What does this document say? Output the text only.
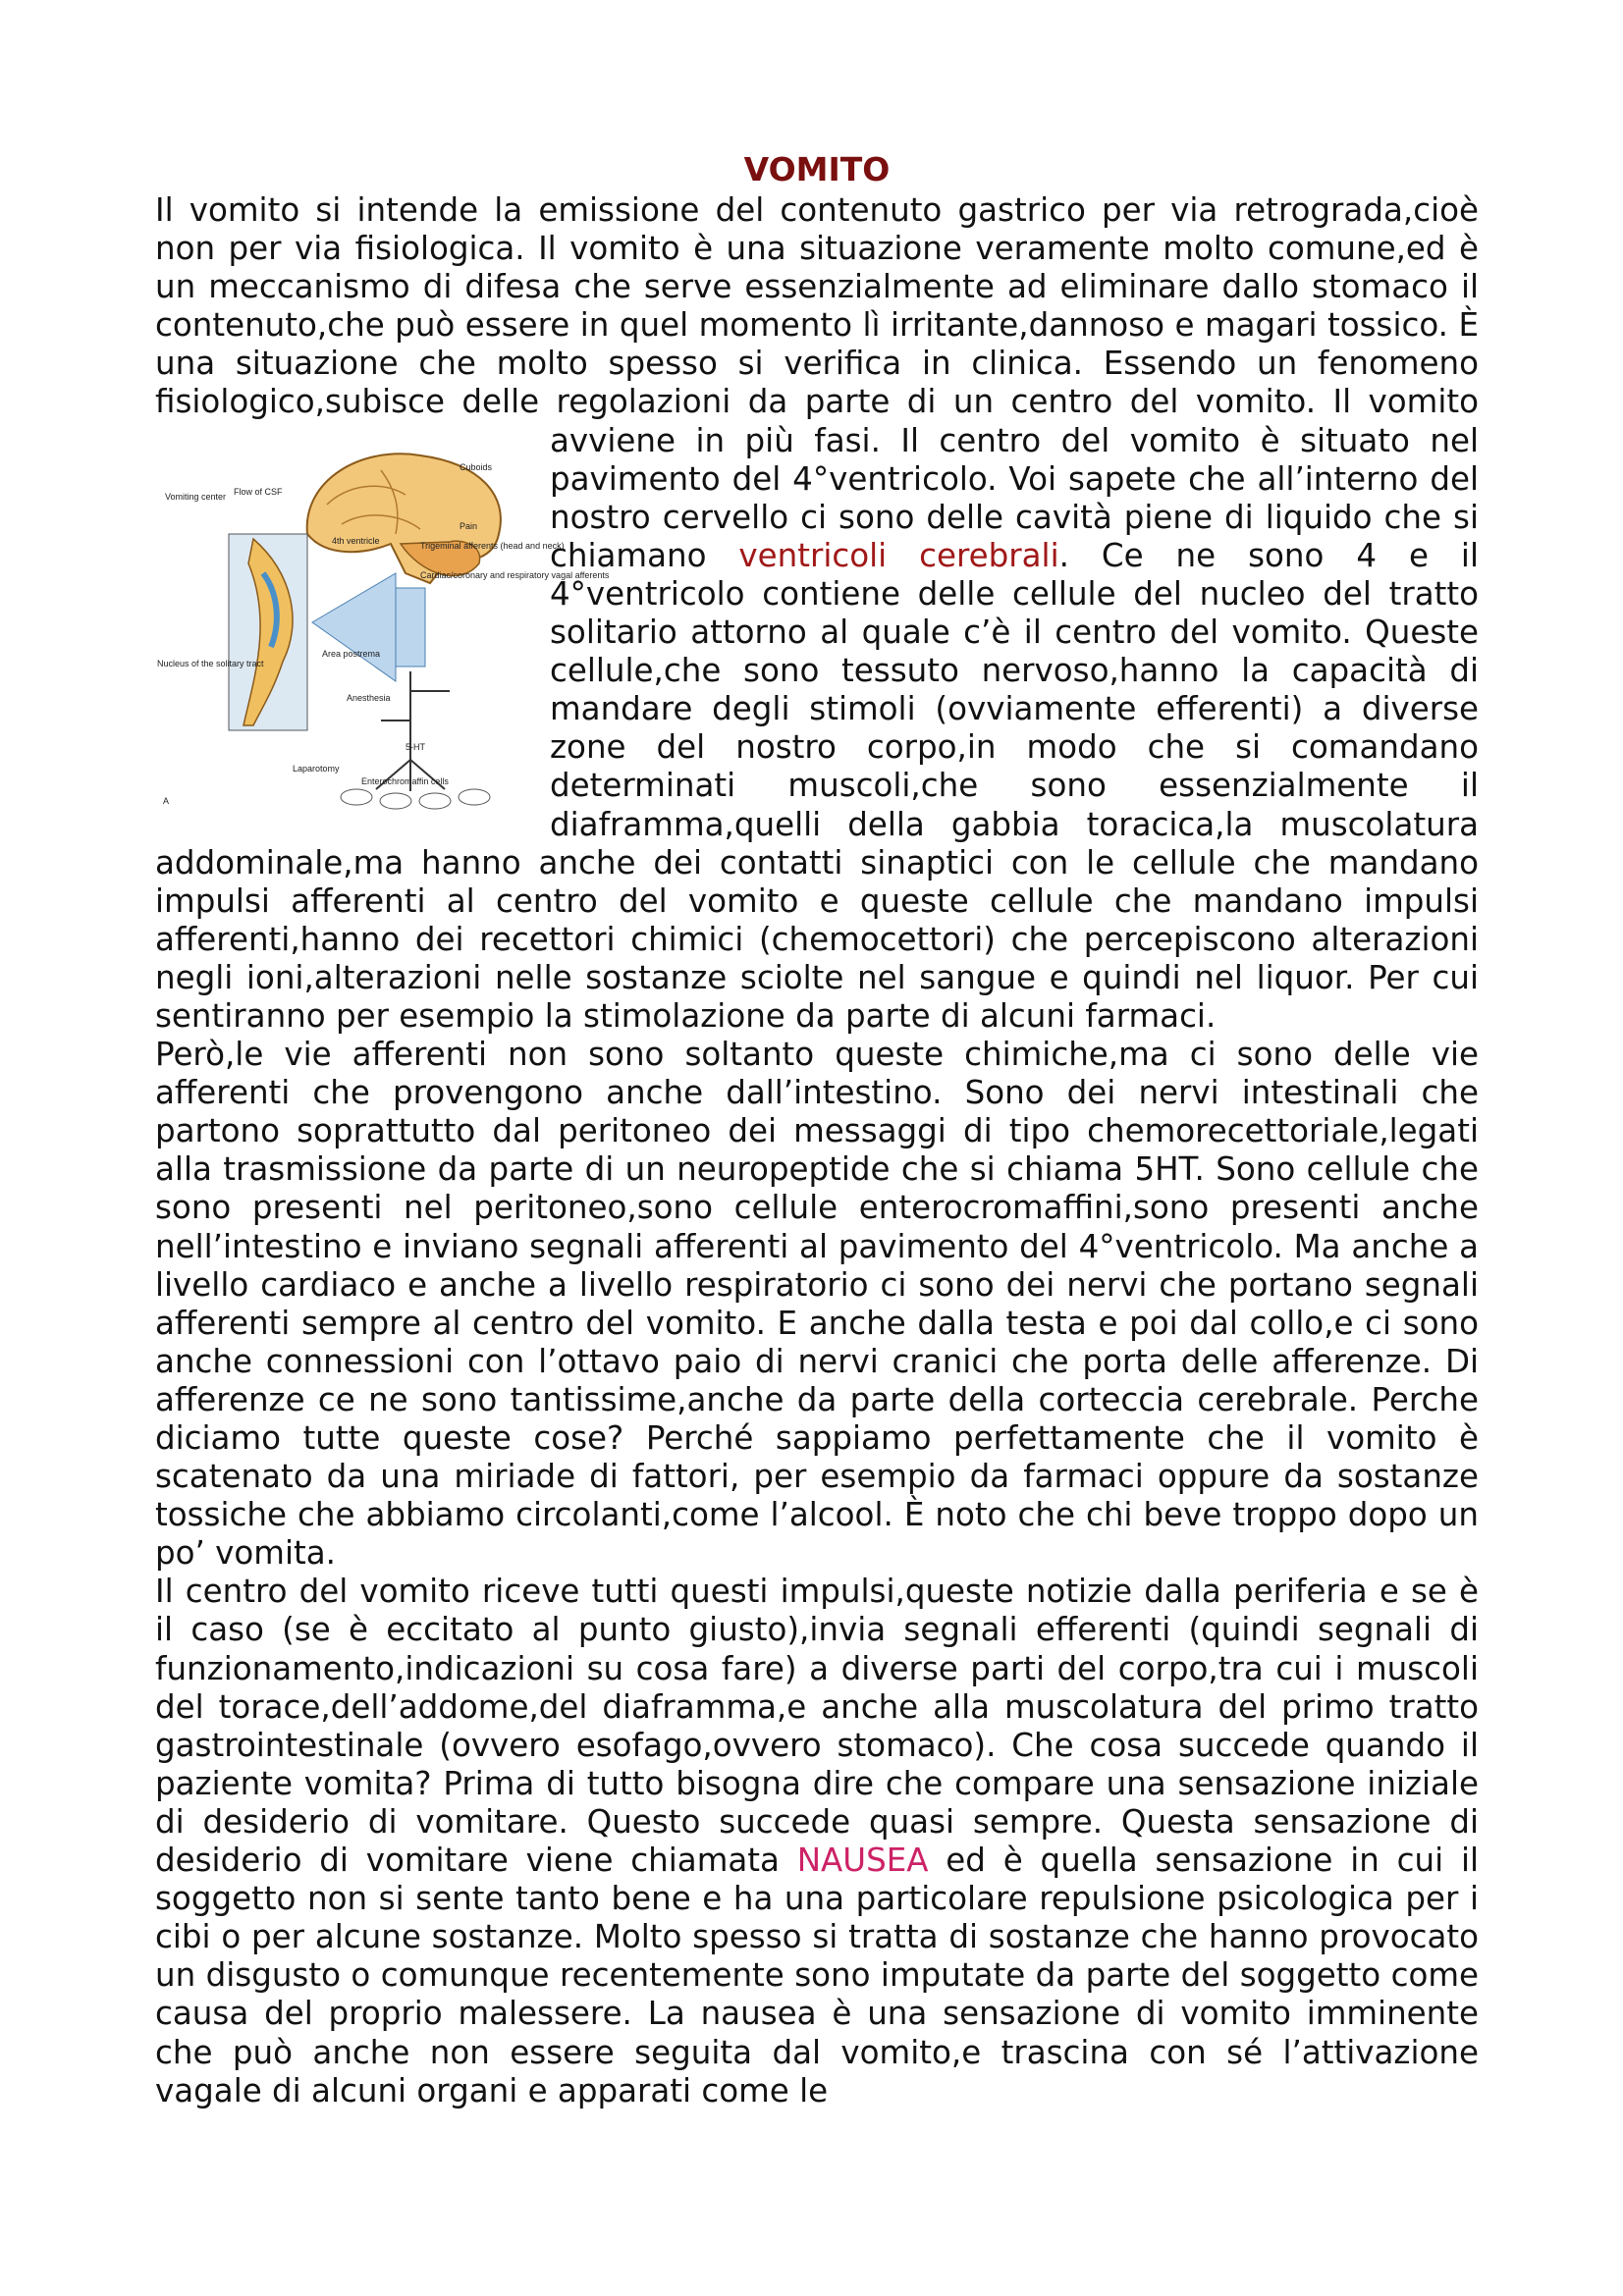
VOMITO

Il vomito si intende la emissione del contenuto gastrico per via retrograda,cioè non per via fisiologica. Il vomito è una situazione veramente molto comune,ed è un meccanismo di difesa che serve essenzialmente ad eliminare dallo stomaco il contenuto,che può essere in quel momento lì irritante,dannoso e magari tossico. È una situazione che molto spesso si verifica in clinica. Essendo un fenomeno fisiologico,subisce delle regolazioni da parte di un centro del vomito. Il vomito avviene in più fasi. Il centro del vomito è situato nel
Vomiting center Flow of CSF
4th ventricle
Area postrema
Nucleus of the solitary tract
Cuboids
Trigeminal afferents (head and neck)
Pain
Cardiac/coronary and respiratory vagal afferents
Anesthesia
5-HT
Laparotomy
Enterochromaffin cells
A
pavimento del 4°ventricolo. Voi sapete che all’interno del nostro cervello ci sono delle cavità piene di liquido che si chiamano ventricoli cerebrali. Ce ne sono 4 e il 4°ventricolo contiene delle cellule del nucleo del tratto solitario attorno al quale c’è il centro del vomito. Queste cellule,che sono tessuto nervoso,hanno la capacità di mandare degli stimoli (ovviamente efferenti) a diverse zone del nostro corpo,in modo che si comandano determinati muscoli,che sono essenzialmente il diaframma,quelli della gabbia toracica,la muscolatura addominale,ma hanno anche dei contatti sinaptici con le cellule che mandano impulsi afferenti al centro del vomito e queste cellule che mandano impulsi afferenti,hanno dei recettori chimici (chemocettori) che percepiscono alterazioni negli ioni,alterazioni nelle sostanze sciolte nel sangue e quindi nel liquor. Per cui sentiranno per esempio la stimolazione da parte di alcuni farmaci.

Però,le vie afferenti non sono soltanto queste chimiche,ma ci sono delle vie afferenti che provengono anche dall’intestino. Sono dei nervi intestinali che partono soprattutto dal peritoneo dei messaggi di tipo chemorecettoriale,legati alla trasmissione da parte di un neuropeptide che si chiama 5HT. Sono cellule che sono presenti nel peritoneo,sono cellule enterocromaffini,sono presenti anche nell’intestino e inviano segnali afferenti al pavimento del 4°ventricolo. Ma anche a livello cardiaco e anche a livello respiratorio ci sono dei nervi che portano segnali afferenti sempre al centro del vomito. E anche dalla testa e poi dal collo,e ci sono anche connessioni con l’ottavo paio di nervi cranici che porta delle afferenze. Di afferenze ce ne sono tantissime,anche da parte della corteccia cerebrale. Perche diciamo tutte queste cose? Perché sappiamo perfettamente che il vomito è scatenato da una miriade di fattori, per esempio da farmaci oppure da sostanze tossiche che abbiamo circolanti,come l’alcool. È noto che chi beve troppo dopo un po’ vomita.

Il centro del vomito riceve tutti questi impulsi,queste notizie dalla periferia e se è il caso (se è eccitato al punto giusto),invia segnali efferenti (quindi segnali di funzionamento,indicazioni su cosa fare) a diverse parti del corpo,tra cui i muscoli del torace,dell’addome,del diaframma,e anche alla muscolatura del primo tratto gastrointestinale (ovvero esofago,ovvero stomaco). Che cosa succede quando il paziente vomita? Prima di tutto bisogna dire che compare una sensazione iniziale di desiderio di vomitare. Questo succede quasi sempre. Questa sensazione di desiderio di vomitare viene chiamata NAUSEA ed è quella sensazione in cui il soggetto non si sente tanto bene e ha una particolare repulsione psicologica per i cibi o per alcune sostanze. Molto spesso si tratta di sostanze che hanno provocato un disgusto o comunque recentemente sono imputate da parte del soggetto come causa del proprio malessere. La nausea è una sensazione di vomito imminente che può anche non essere seguita dal vomito,e trascina con sé l’attivazione vagale di alcuni organi e apparati come le
